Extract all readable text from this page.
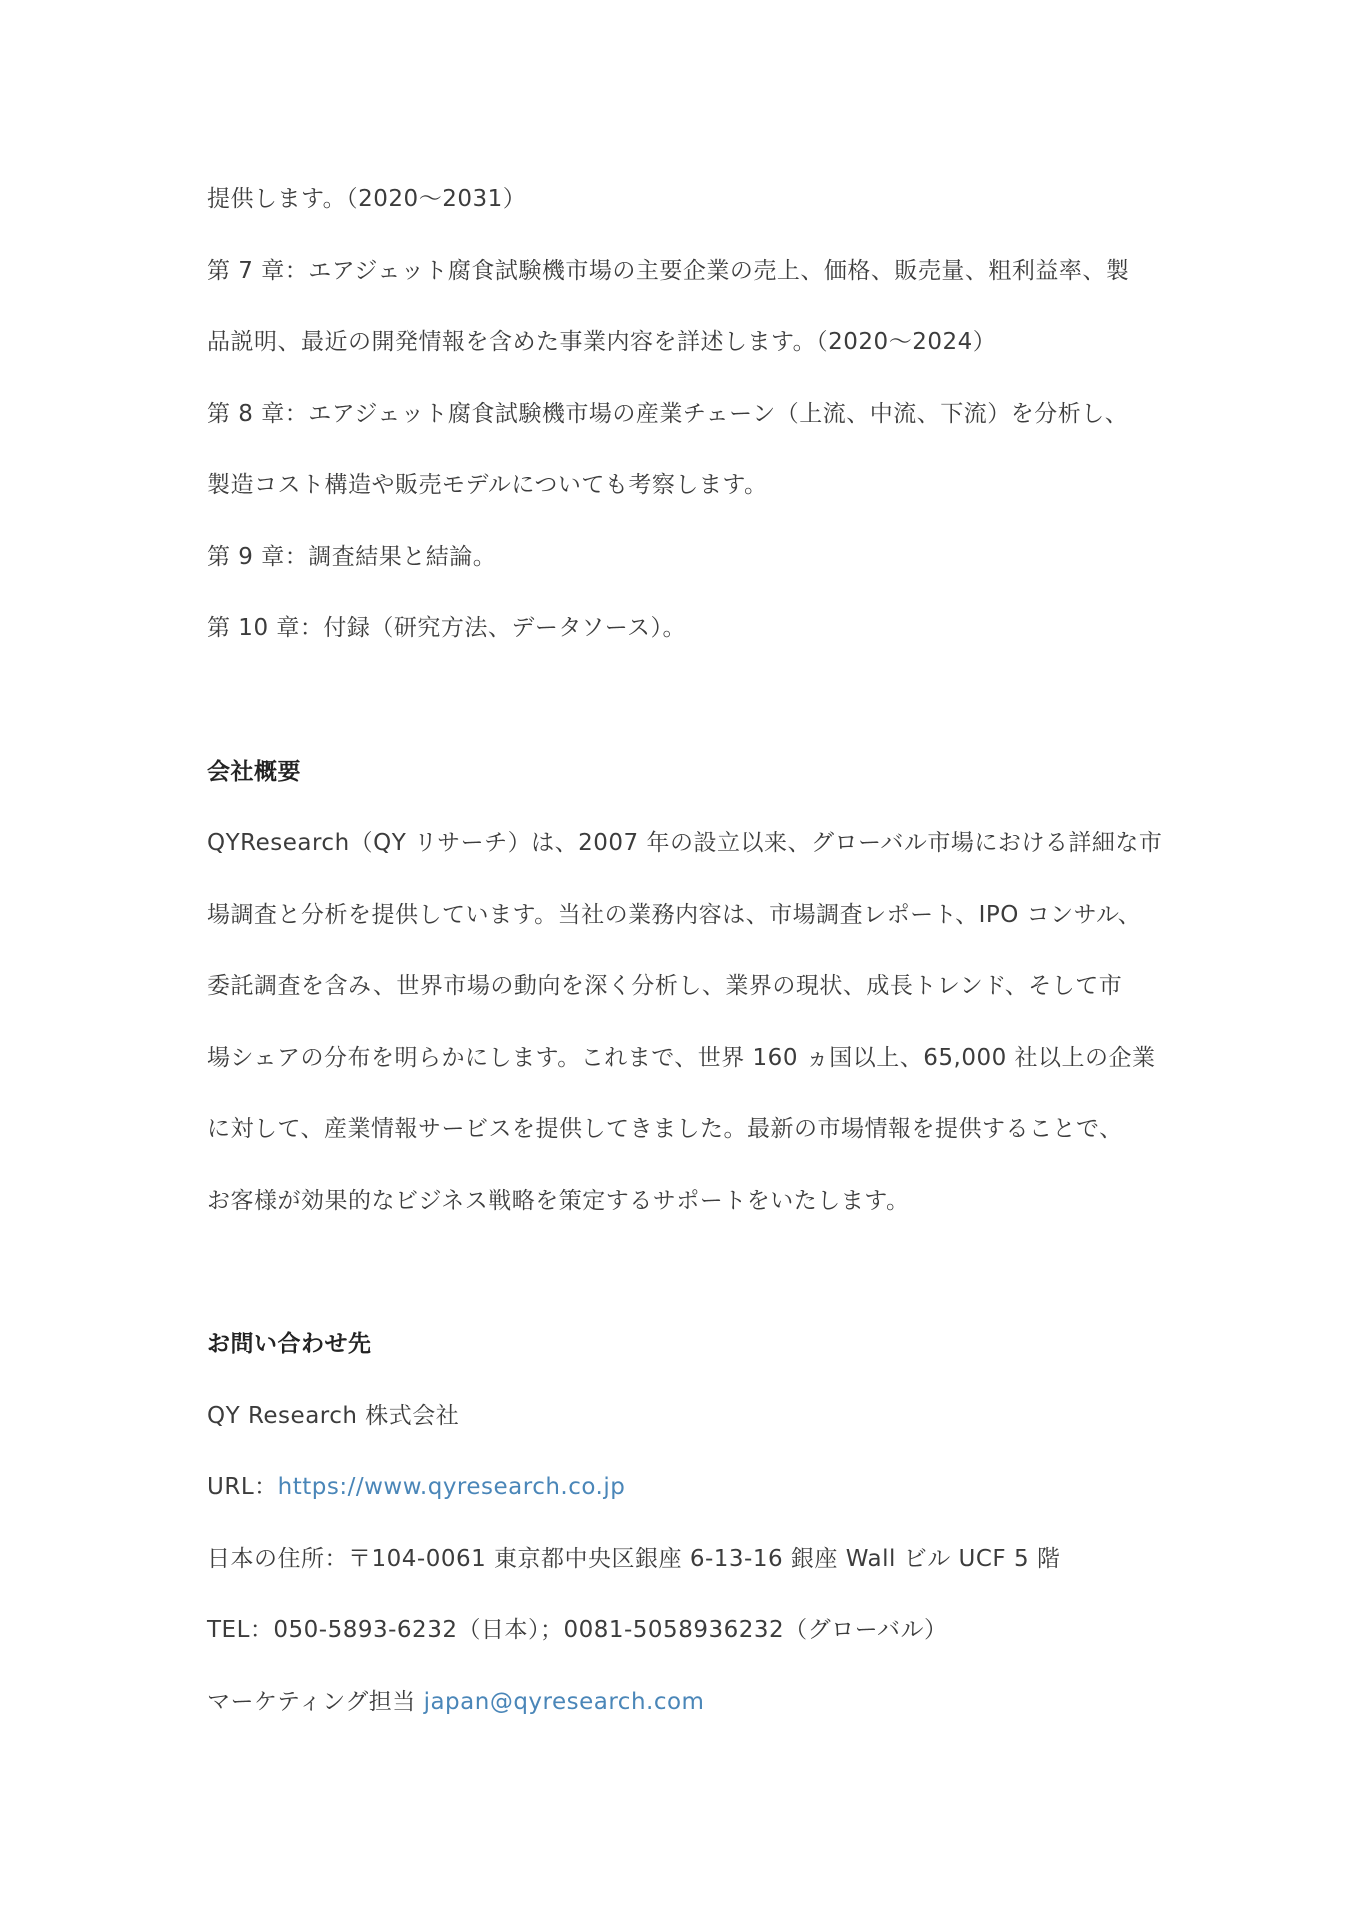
提供します。（2020～2031）
第 7 章：エアジェット腐食試験機市場の主要企業の売上、価格、販売量、粗利益率、製
品説明、最近の開発情報を含めた事業内容を詳述します。（2020～2024）
第 8 章：エアジェット腐食試験機市場の産業チェーン（上流、中流、下流）を分析し、
製造コスト構造や販売モデルについても考察します。
第 9 章：調査結果と結論。
第 10 章：付録（研究方法、データソース）。
会社概要
QYResearch（QY リサーチ）は、2007 年の設立以来、グローバル市場における詳細な市
場調査と分析を提供しています。当社の業務内容は、市場調査レポート、IPO コンサル、
委託調査を含み、世界市場の動向を深く分析し、業界の現状、成長トレンド、そして市
場シェアの分布を明らかにします。これまで、世界 160 ヵ国以上、65,000 社以上の企業
に対して、産業情報サービスを提供してきました。最新の市場情報を提供することで、
お客様が効果的なビジネス戦略を策定するサポートをいたします。
お問い合わせ先
QY Research 株式会社
URL：https://www.qyresearch.co.jp
日本の住所：〒104-0061 東京都中央区銀座 6-13-16 銀座 Wall ビル UCF 5 階
TEL：050-5893-6232（日本）；0081-5058936232（グローバル）
マーケティング担当 japan@qyresearch.com
